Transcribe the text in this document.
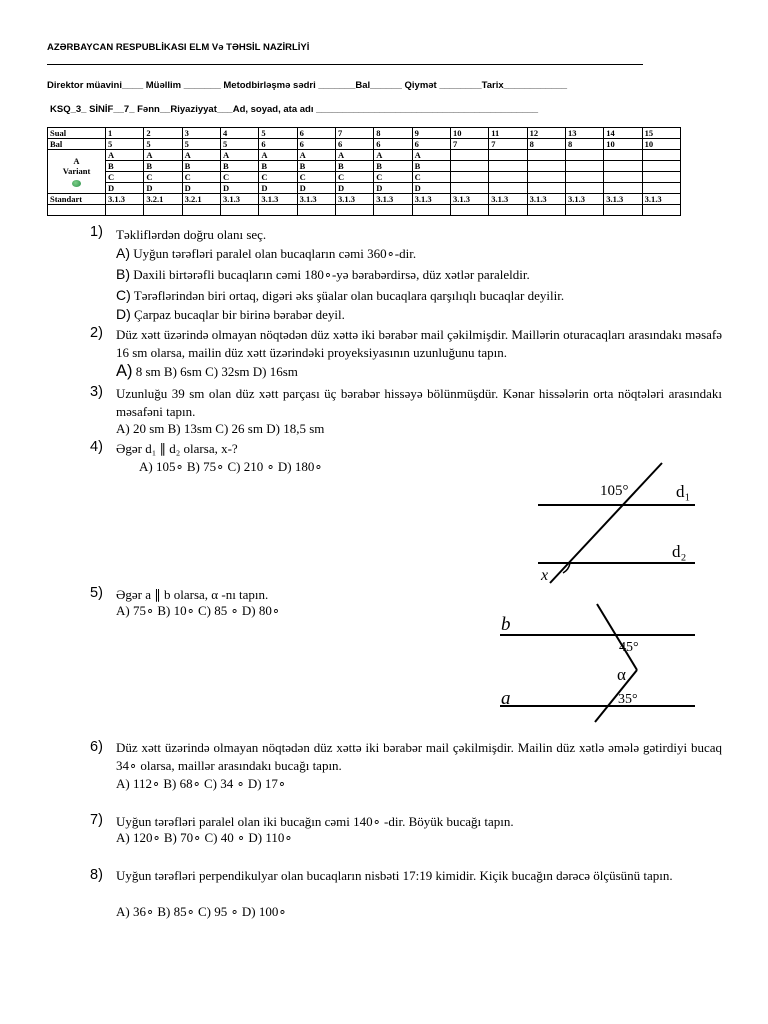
AZƏRBAYCAN RESPUBLİKASI ELM Və TƏHSİL NAZİRLİYİ
Direktor müavini____ Müəllim _______ Metodbirləşmə sədri _______Bal______ Qiymət ________Tarix____________
KSQ_3_ SİNİF__7_ Fənn__Riyaziyyat___Ad, soyad, ata adı __________________________________________
Sual	1	2	3	4	5	6	7	8	9	10	11	12	13	14	15
Bal	5	5	5	5	6	6	6	6	6	7	7	8	8	10	10

A
Variant	A	A	A	A	A	A	A	A	A						
	B	B	B	B	B	B	B	B	B						
	C	C	C	C	C	C	C	C	C						
	D	D	D	D	D	D	D	D	D						
Standart	3.1.3	3.2.1	3.2.1	3.1.3	3.1.3	3.1.3	3.1.3	3.1.3	3.1.3	3.1.3	3.1.3	3.1.3	3.1.3	3.1.3	3.1.3

1) Təkliflərdən doğru olanı seç.
A) Uyğun tərəfləri paralel olan bucaqların cəmi 360∘-dir.
B) Daxili birtərəfli bucaqların cəmi 180∘-yə bərabərdirsə, düz xətlər paraleldir.
C) Tərəflərindən biri ortaq, digəri əks şüalar olan bucaqlara qarşılıqlı bucaqlar deyilir.
D) Çarpaz bucaqlar bir birinə bərabər deyil.
2) Düz xətt üzərində olmayan nöqtədən düz xəttə iki bərabər mail çəkilmişdir. Maillərin oturacaqları arasındakı məsafə 16 sm olarsa, mailin düz xətt üzərindəki proyeksiyasının uzunluğunu tapın.
A) 8 sm B) 6sm C) 32sm D) 16sm
3) Uzunluğu 39 sm olan düz xətt parçası üç bərabər hissəyə bölünmüşdür. Kənar hissələrin orta nöqtələri arasındakı məsafəni tapın.
A) 20 sm B) 13sm C) 26 sm D) 18,5 sm
4) Əgər d₁ ∥ d₂ olarsa, x-?
A) 105∘ B) 75∘ C) 210 ∘ D) 180∘
105°	d₁
d₂
x
5) Əgər a ∥ b olarsa, α -nı tapın.
A) 75∘ B) 10∘ C) 85 ∘ D) 80∘
b
a
45°
α
35°
6) Düz xətt üzərində olmayan nöqtədən düz xəttə iki bərabər mail çəkilmişdir. Mailin düz xətlə əmələ gətirdiyi bucaq 34∘ olarsa, maillər arasındakı bucağı tapın.
A) 112∘ B) 68∘ C) 34 ∘ D) 17∘
7) Uyğun tərəfləri paralel olan iki bucağın cəmi 140∘ -dir. Böyük bucağı tapın.
A) 120∘ B) 70∘ C) 40 ∘ D) 110∘
8) Uyğun tərəfləri perpendikulyar olan bucaqların nisbəti 17:19 kimidir. Kiçik bucağın dərəcə ölçüsünü tapın.
A) 36∘ B) 85∘ C) 95 ∘ D) 100∘
